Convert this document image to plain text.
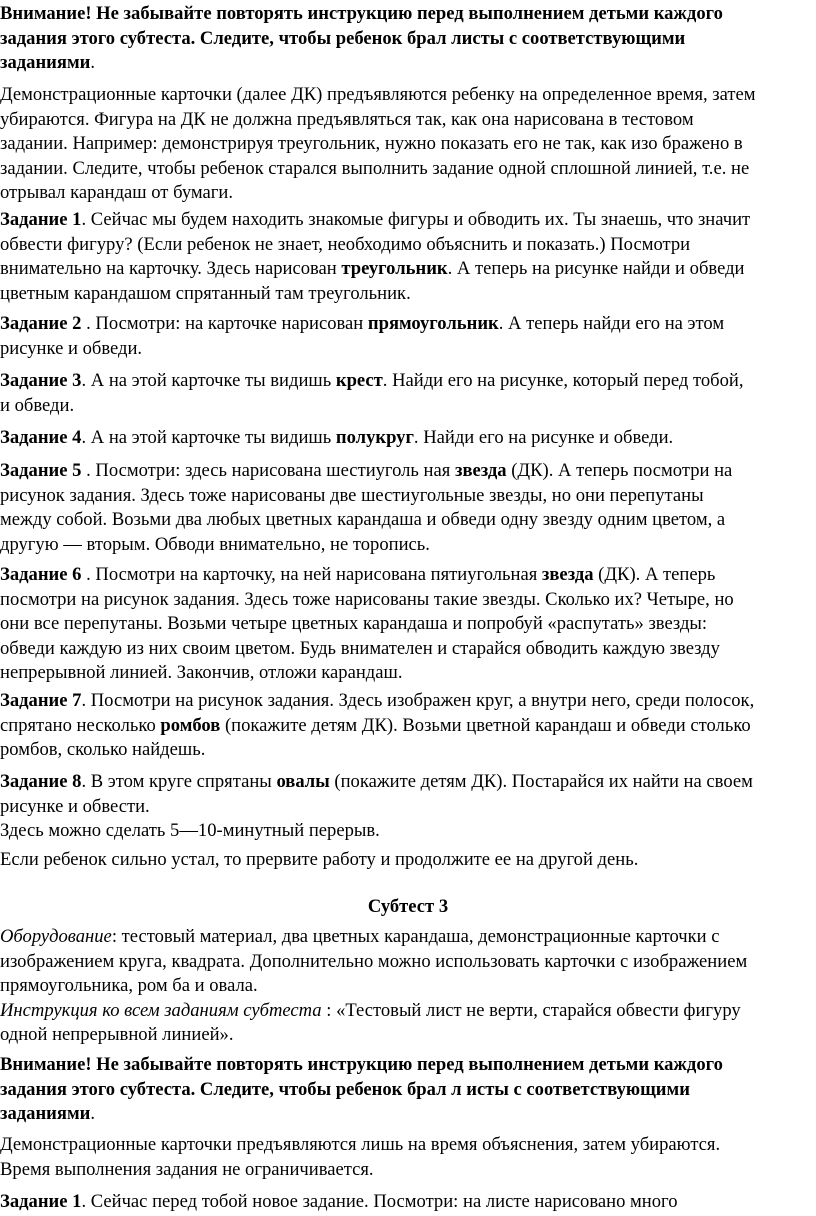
Внимание! Не забывайте повторять инструкцию перед выполнением детьми каждого
задания этого субтеста. Следите, чтобы ребенок брал листы с соответствующими
заданиями.
Демонстрационные карточки (далее ДК) предъявляются ребенку на определенное время, затем
убираются. Фигура на ДК не должна предъявляться так, как она нарисована в тестовом
задании. Например: демонстрируя треугольник, нужно показать его не так, как изо бражено в
задании. Следите, чтобы ребенок старался выполнить задание одной сплошной линией, т.е. не
отрывал карандаш от бумаги.
Задание 1. Сейчас мы будем находить знакомые фигуры и обводить их. Ты знаешь, что значит
обвести фигуру? (Если ребенок не знает, необходимо объяснить и показать.) Посмотри
внимательно на карточку. Здесь нарисован треугольник. А теперь на рисунке найди и обведи
цветным карандашом спрятанный там треугольник.
Задание 2 . Посмотри: на карточке нарисован прямоугольник. А теперь найди его на этом
рисунке и обведи.
Задание 3. А на этой карточке ты видишь крест. Найди его на рисунке, который перед тобой,
и обведи.
Задание 4. А на этой карточке ты видишь полукруг. Найди его на рисунке и обведи.
Задание 5 . Посмотри: здесь нарисована шестиуголь ная звезда (ДК). А теперь посмотри на
рисунок задания. Здесь тоже нарисованы две шестиугольные звезды, но они перепутаны
между собой. Возьми два любых цветных карандаша и обведи одну звезду одним цветом, а
другую — вторым. Обводи внимательно, не торопись.
Задание 6 . Посмотри на карточку, на ней нарисована пятиугольная звезда (ДК). А теперь
посмотри на рисунок задания. Здесь тоже нарисованы такие звезды. Сколько их? Четыре, но
они все перепутаны. Возьми четыре цветных карандаша и попробуй «распутать» звезды:
обведи каждую из них своим цветом. Будь внимателен и старайся обводить каждую звезду
непрерывной линией. Закончив, отложи карандаш.
Задание 7. Посмотри на рисунок задания. Здесь изображен круг, а внутри него, среди полосок,
спрятано несколько ромбов (покажите детям ДК). Возьми цветной карандаш и обведи столько
ромбов, сколько найдешь.
Задание 8. В этом круге спрятаны овалы (покажите детям ДК). Постарайся их найти на своем
рисунке и обвести.
Здесь можно сделать 5—10-минутный перерыв.
Если ребенок сильно устал, то прервите работу и продолжите ее на другой день.
Субтест 3
Оборудование: тестовый материал, два цветных карандаша, демонстрационные карточки с
изображением круга, квадрата. Дополнительно можно использовать карточки с изображением
прямоугольника, ром ба и овала.
Инструкция ко всем заданиям субтеста : «Тестовый лист не верти, старайся обвести фигуру
одной непрерывной линией».
Внимание! Не забывайте повторять инструкцию перед выполнением детьми каждого
задания этого субтеста. Следите, чтобы ребенок брал л исты с соответствующими
заданиями.
Демонстрационные карточки предъявляются лишь на время объяснения, затем убираются.
Время выполнения задания не ограничивается.
Задание 1. Сейчас перед тобой новое задание. Посмотри: на листе нарисовано много
